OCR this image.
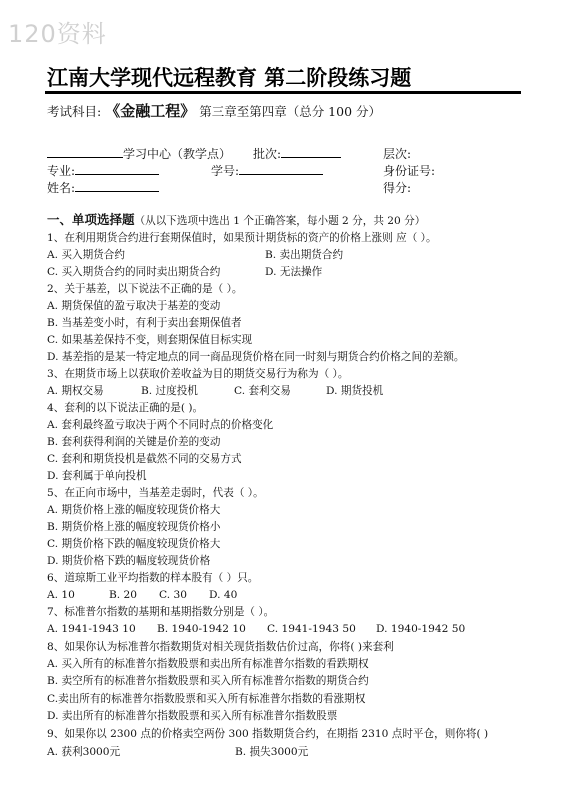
120资料
江南大学现代远程教育 第二阶段练习题
考试科目: 《金融工程》 第三章至第四章（总分 100 分）
学习中心（教学点） 批次:	层次:
专业:	学号:	身份证号:
姓名:	得分:
一、单项选择题（从以下选项中选出 1 个正确答案，每小题 2 分，共 20 分）
1、在利用期货合约进行套期保值时，如果预计期货标的资产的价格上涨则 应（ ）。
A. 买入期货合约	B. 卖出期货合约
C. 买入期货合约的同时卖出期货合约	D. 无法操作
2、关于基差，以下说法不正确的是（ ）。
A. 期货保值的盈亏取决于基差的变动
B. 当基差变小时，有利于卖出套期保值者
C. 如果基差保持不变，则套期保值目标实现
D. 基差指的是某一特定地点的同一商品现货价格在同一时刻与期货合约价格之间的差额。
3、在期货市场上以获取价差收益为目的期货交易行为称为（ ）。
A. 期权交易	B. 过度投机	C. 套利交易	D. 期货投机
4、套利的以下说法正确的是( )。
A. 套利最终盈亏取决于两个不同时点的价格变化
B. 套利获得利润的关键是价差的变动
C. 套利和期货投机是截然不同的交易方式
D. 套利属于单向投机
5、在正向市场中，当基差走弱时，代表（ ）。
A. 期货价格上涨的幅度较现货价格大
B. 期货价格上涨的幅度较现货价格小
C. 期货价格下跌的幅度较现货价格大
D. 期货价格下跌的幅度较现货价格
6、道琼斯工业平均指数的样本股有（ ）只。
A. 10	B. 20 C. 30 D. 40
7、标准普尔指数的基期和基期指数分别是（ ）。
A. 1941-1943 10 B. 1940-1942 10 C. 1941-1943 50 D. 1940-1942 50
8、如果你认为标准普尔指数期货对相关现货指数估价过高，你将( )来套利
A. 买入所有的标准普尔指数股票和卖出所有标准普尔指数的看跌期权
B. 卖空所有的标准普尔指数股票和买入所有标准普尔指数的期货合约
C.卖出所有的标准普尔指数股票和买入所有标准普尔指数的看涨期权
D. 卖出所有的标准普尔指数股票和买入所有标准普尔指数股票
9、如果你以 2300 点的价格卖空两份 300 指数期货合约，在期指 2310 点时平仓，则你将( )
A. 获利3000元	B. 损失3000元
